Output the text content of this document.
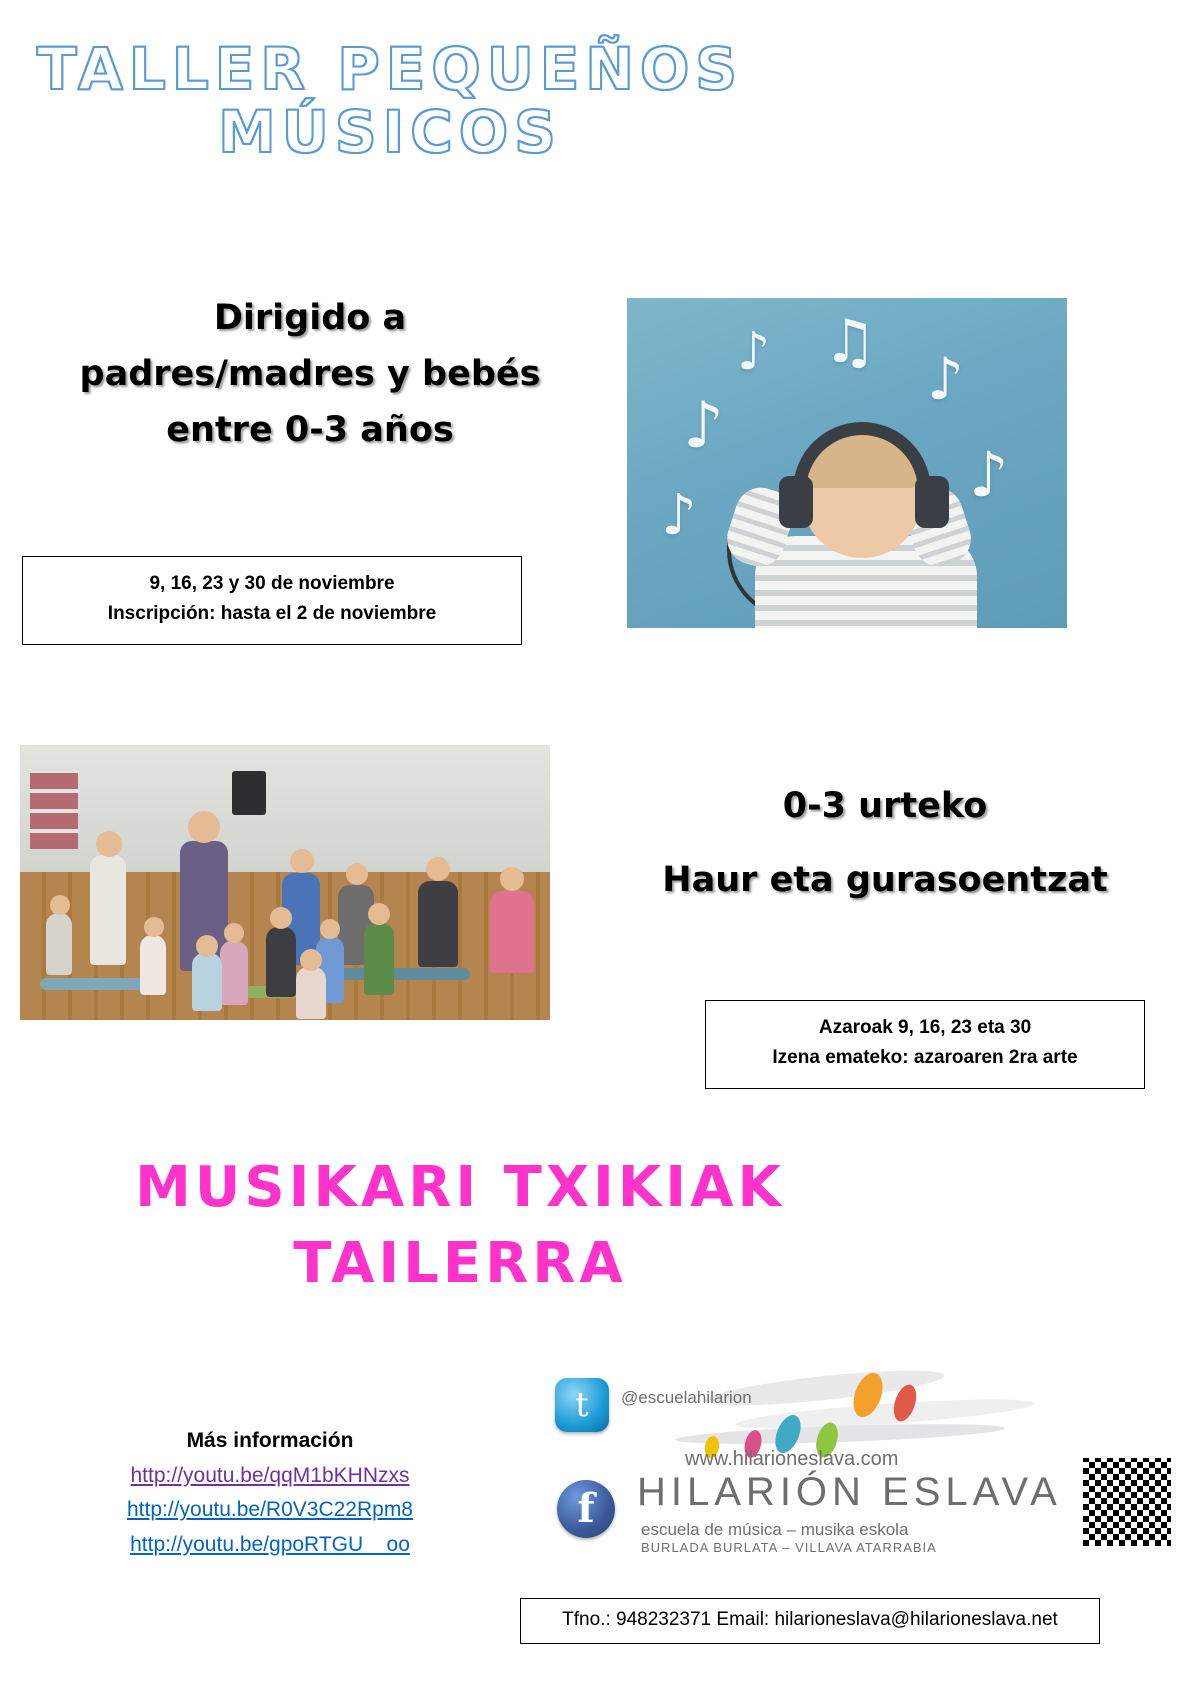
TALLER PEQUEÑOS
MÚSICOS
Dirigido a
padres/madres y bebés
entre 0-3 años
9, 16, 23 y 30 de noviembre
Inscripción: hasta el 2 de noviembre
♪ ♫
♪
♪
♪
♪
0-3 urteko
Haur eta gurasoentzat
Azaroak 9, 16, 23 eta 30
Izena emateko: azaroaren 2ra arte
MUSIKARI TXIKIAK
TAILERRA
Más información
http://youtu.be/qqM1bKHNzxs
http://youtu.be/R0V3C22Rpm8
http://youtu.be/gpoRTGU__oo
t	@escuelahilarion
f
www.hilarioneslava.com
HILARIÓN ESLAVA
escuela de música – musika eskola
BURLADA BURLATA – VILLAVA ATARRABIA
Tfno.: 948232371 Email: hilarioneslava@hilarioneslava.net
